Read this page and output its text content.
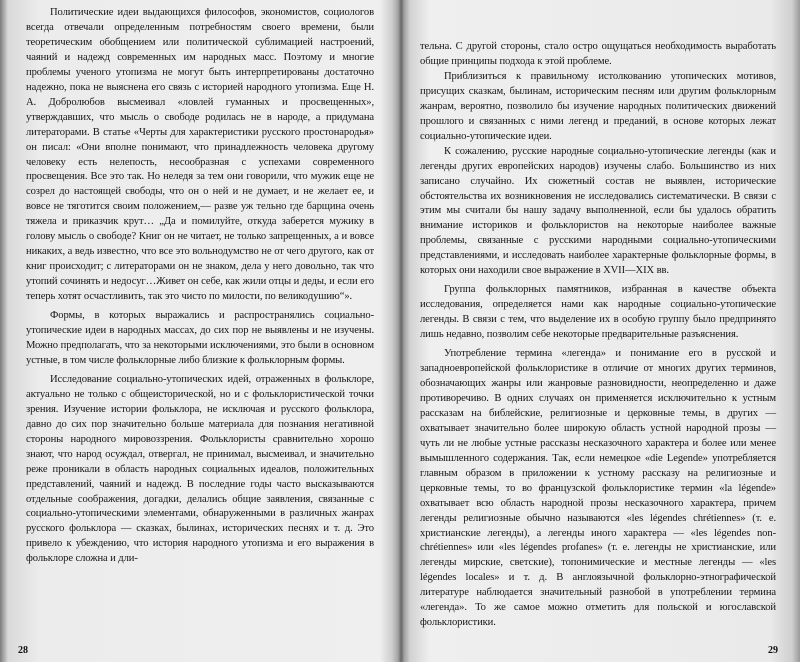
Политические идеи выдающихся философов, экономистов, социологов всегда отвечали определенным потребностям своего времени, были теоретическим обобщением или политической сублимацией настроений, чаяний и надежд современных им народных масс. Поэтому и многие проблемы ученого утопизма не могут быть интерпретированы достаточно надежно, пока не выяснена его связь с историей народного утопизма. Еще Н. А. Добролюбов высмеивал «ловлей гуманных и просвещенных», утверждавших, что мысль о свободе родилась не в народе, а придумана литераторами. В статье «Черты для характеристики русского простонародья» он писал: «Они вполне понимают, что принадлежность человека другому человеку есть нелепость, несообразная с успехами современного просвещения. Все это так. Но неледя за тем они говорили, что мужик еще не созрел до настоящей свободы, что он о ней и не думает, и не желает ее, и вовсе не тяготится своим положением,— разве уж тельно где барщина очень тяжела и приказчик крут… „Да и помилуйте, откуда заберется мужику в голову мысль о свободе? Книг он не читает, не только запрещенных, а и вовсе никаких, а ведь известно, что все это вольнодумство не от чего другого, как от книг происходит; с литераторами он не знаком, дела у него довольно, так что утопий сочинять и недосуг…Живет он себе, как жили отцы и деды, и если его теперь хотят осчастливить, так это чисто по милости, по великодушию“».

Формы, в которых выражались и распространялись социально-утопические идеи в народных массах, до сих пор не выявлены и не изучены. Можно предполагать, что за некоторыми исключениями, это были в основном устные, в том числе фольклорные либо близкие к фольклорным формы.

Исследование социально-утопических идей, отраженных в фольклоре, актуально не только с общеисторической, но и с фольклористической точки зрения. Изучение истории фольклора, не исключая и русского фольклора, давно до сих пор значительно больше материала для познания негативной стороны народного мировоззрения. Фольклористы сравнительно хорошо знают, что народ осуждал, отвергал, не принимал, высмеивал, и значительно реже проникали в область народных социальных идеалов, положительных представлений, чаяний и надежд. В последние годы часто высказываются отдельные соображения, догадки, делались общие заявления, связанные с социально-утопическими элементами, обнаруженными в различных жанрах русского фольклора — сказках, былинах, исторических песнях и т. д. Это привело к убеждению, что история народного утопизма и его выражения в фольклоре сложна и дли-

28

тельна. С другой стороны, стало остро ощущаться необходимость выработать общие принципы подхода к этой проблеме.

Приблизиться к правильному истолкованию утопических мотивов, присущих сказкам, былинам, историческим песням или другим фольклорным жанрам, вероятно, позволило бы изучение народных политических движений прошлого и связанных с ними легенд и преданий, в основе которых лежат социально-утопические идеи.

К сожалению, русские народные социально-утопические легенды (как и легенды других европейских народов) изучены слабо. Большинство из них записано случайно. Их сюжетный состав не выявлен, исторические обстоятельства их возникновения не исследовались систематически. В связи с этим мы считали бы нашу задачу выполненной, если бы удалось обратить внимание историков и фольклористов на некоторые наиболее важные проблемы, связанные с русскими народными социально-утопическими представлениями, и исследовать наиболее характерные фольклорные формы, в которых они находили свое выражение в XVII—XIX вв.

Группа фольклорных памятников, избранная в качестве объекта исследования, определяется нами как народные социально-утопические легенды. В связи с тем, что выделение их в особую группу было предпринято лишь недавно, позволим себе некоторые предварительные разъяснения.

Употребление термина «легенда» и понимание его в русской и западноевропейской фольклористике в отличие от многих других терминов, обозначающих жанры или жанровые разновидности, неопределенно и даже противоречиво. В одних случаях он применяется исключительно к устным рассказам на библейские, религиозные и церковные темы, в других — охватывает значительно более широкую область устной народной прозы — чуть ли не любые устные рассказы несказочного характера и более или менее вымышленного содержания. Так, если немецкое «die Legende» употребляется главным образом в приложении к устному рассказу на религиозные и церковные темы, то во французской фольклористике термин «la légende» охватывает всю область народной прозы несказочного характера, причем легенды религиозные обычно называются «les légendes chrétiennes» (т. е. христианские легенды), а легенды иного характера — «les légendes non-chrétiennes» или «les légendes profanes» (т. е. легенды не христианские, или легенды мирские, светские), топонимические и местные легенды — «les légendes locales» и т. д. В англоязычной фольклорно-этнографической литературе наблюдается значительный разнобой в употреблении термина «легенда». То же самое можно отметить для польской и югославской фольклористики.

29
